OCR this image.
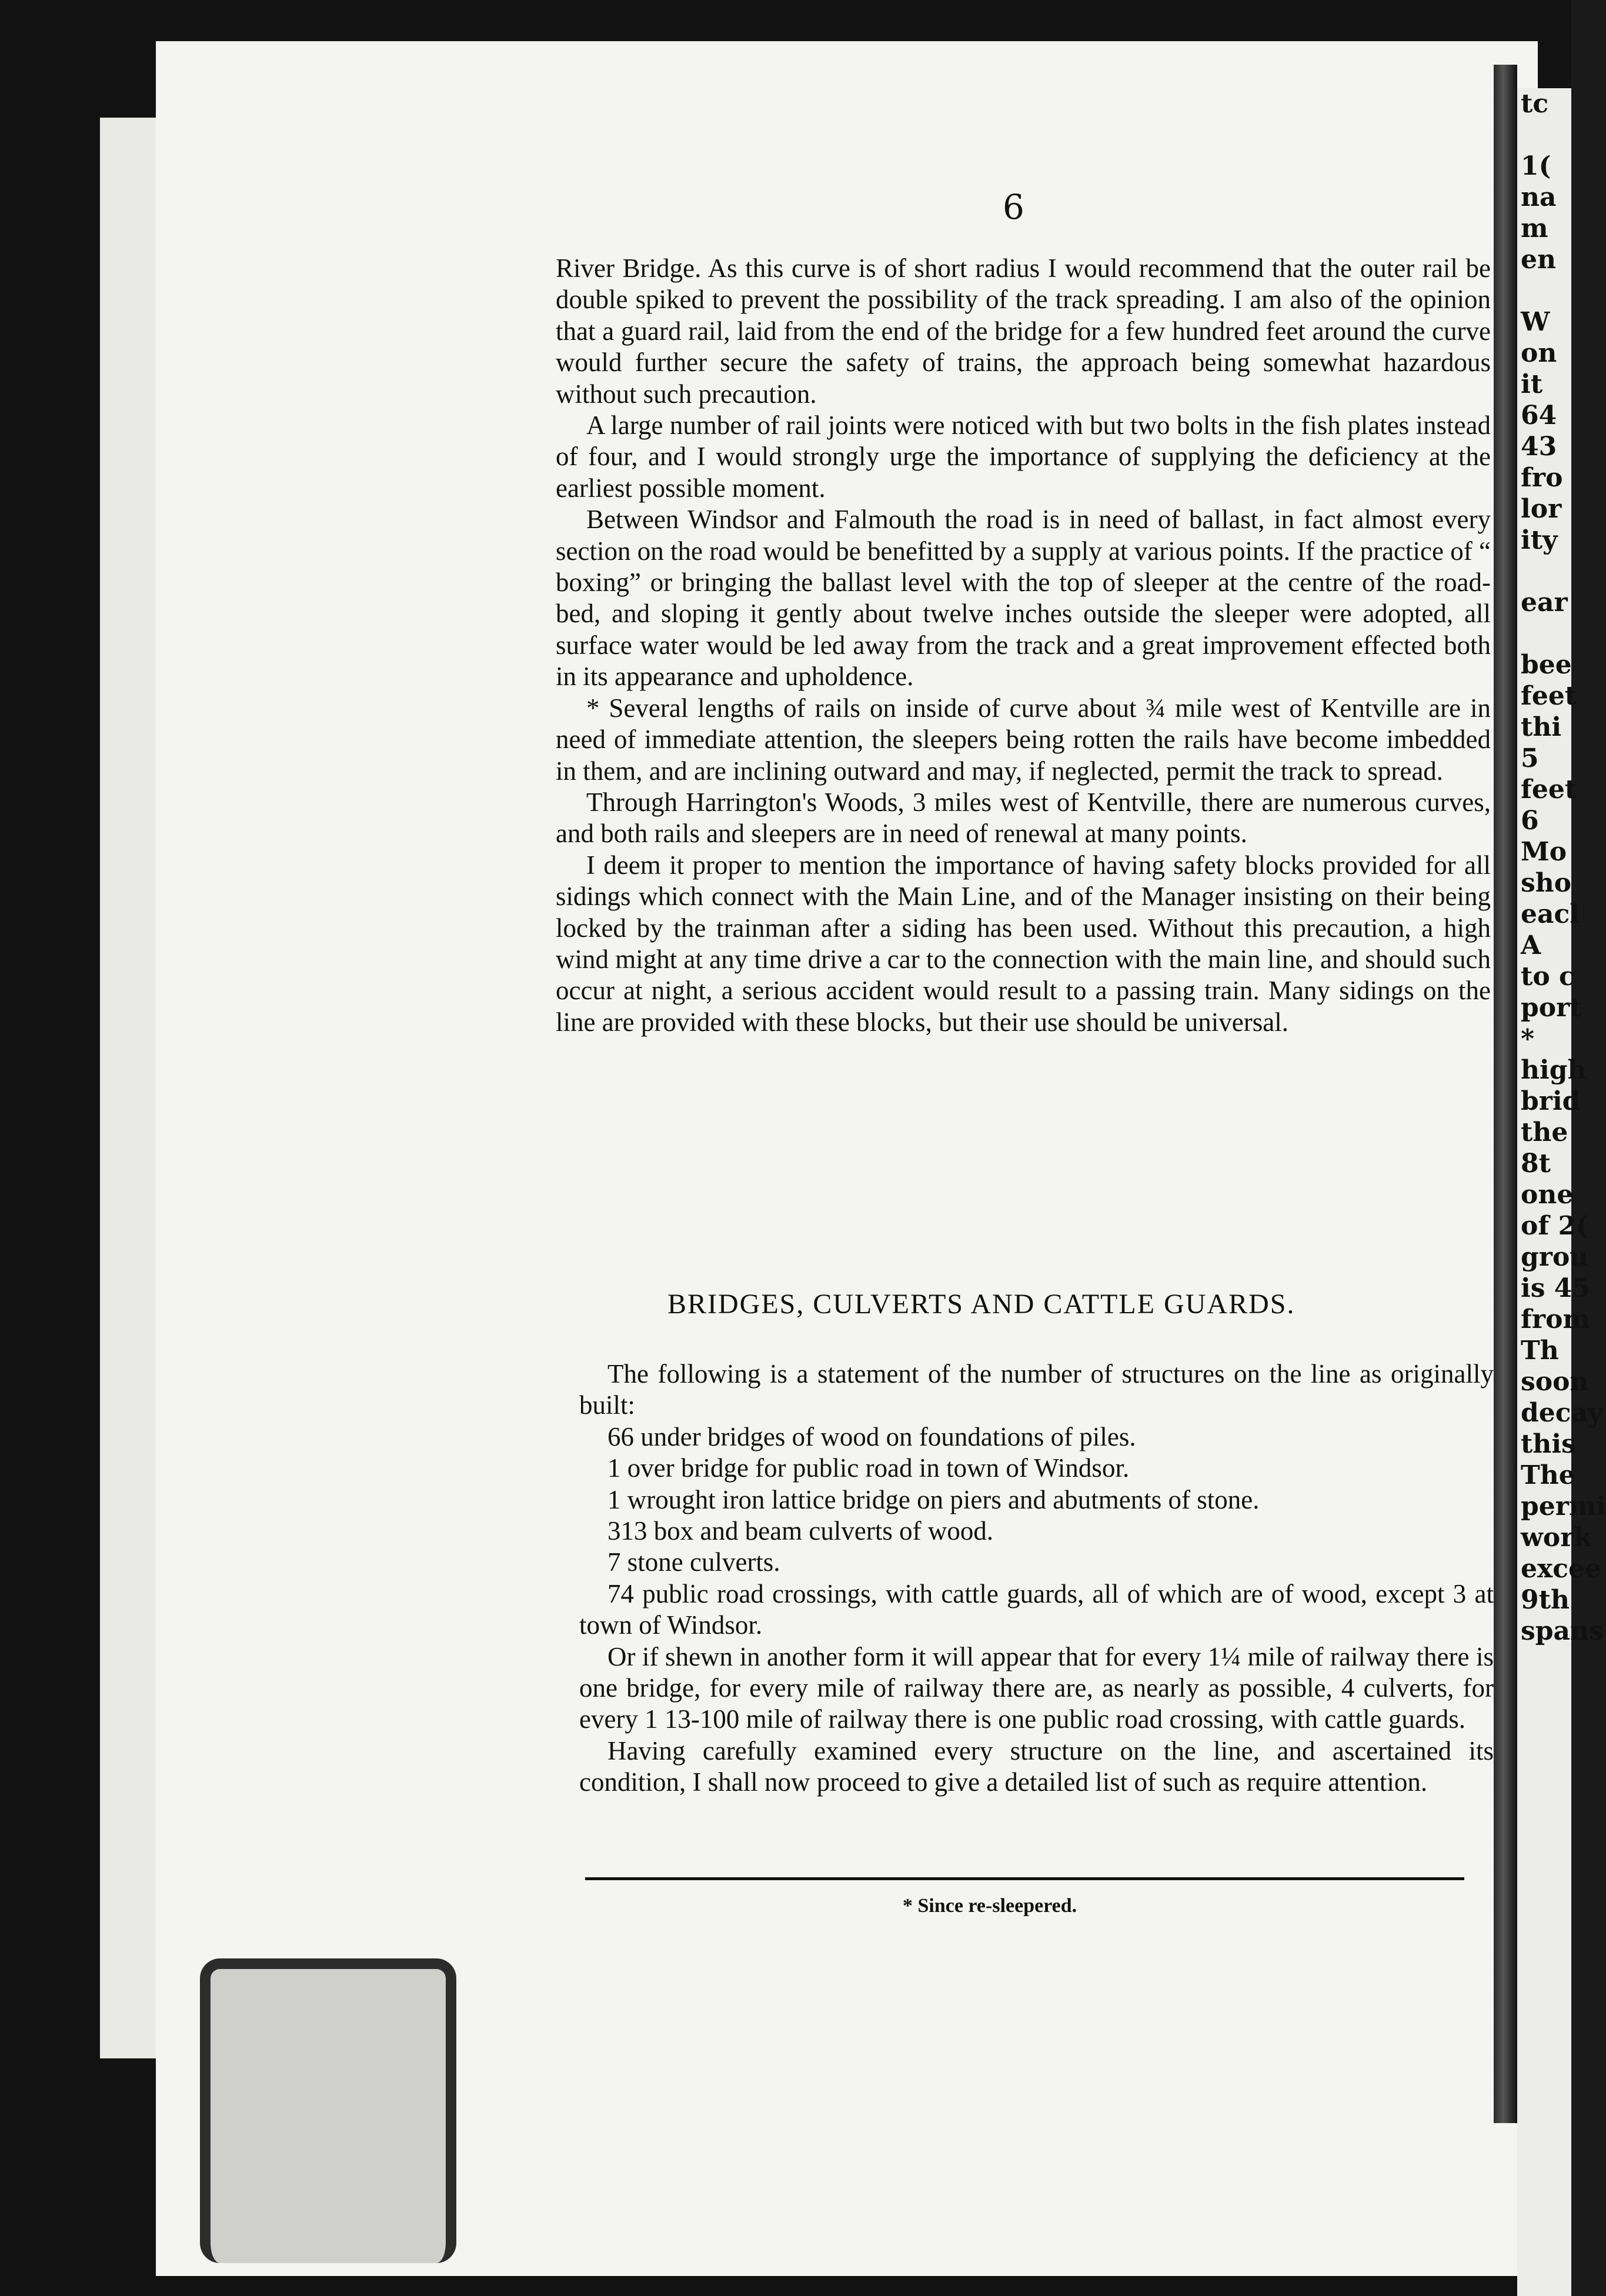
tc

1(
na
m
en

W
on
it
64
43
fro
lor
ity

ear

bee
feet
thi
5
feet
6
Mo
sho
eacl
A
to c
port
*
high
brid
the
8t
one
of 2(
grou
is 45
from
Th
soon
decay
this
The
permi
work
excee
9th
spans
6

River Bridge. As this curve is of short radius I would recommend that the outer rail be double spiked to prevent the possibility of the track spreading. I am also of the opinion that a guard rail, laid from the end of the bridge for a few hundred feet around the curve would further secure the safety of trains, the approach being somewhat hazardous without such precaution.

A large number of rail joints were noticed with but two bolts in the fish plates instead of four, and I would strongly urge the importance of supplying the deficiency at the earliest possible moment.

Between Windsor and Falmouth the road is in need of ballast, in fact almost every section on the road would be benefitted by a supply at various points. If the practice of “ boxing” or bringing the ballast level with the top of sleeper at the centre of the road-bed, and sloping it gently about twelve inches outside the sleeper were adopted, all surface water would be led away from the track and a great improvement effected both in its appearance and upholdence.

* Several lengths of rails on inside of curve about ¾ mile west of Kentville are in need of immediate attention, the sleepers being rotten the rails have become imbedded in them, and are inclining outward and may, if neglected, permit the track to spread.

Through Harrington's Woods, 3 miles west of Kentville, there are numerous curves, and both rails and sleepers are in need of renewal at many points.

I deem it proper to mention the importance of having safety blocks provided for all sidings which connect with the Main Line, and of the Manager insisting on their being locked by the trainman after a siding has been used. Without this precaution, a high wind might at any time drive a car to the connection with the main line, and should such occur at night, a serious accident would result to a passing train. Many sidings on the line are provided with these blocks, but their use should be universal.

BRIDGES, CULVERTS AND CATTLE GUARDS.

The following is a statement of the number of structures on the line as originally built:

66 under bridges of wood on foundations of piles.

1 over bridge for public road in town of Windsor.

1 wrought iron lattice bridge on piers and abutments of stone.

313 box and beam culverts of wood.

7 stone culverts.

74 public road crossings, with cattle guards, all of which are of wood, except 3 at town of Windsor.

Or if shewn in another form it will appear that for every 1¼ mile of railway there is one bridge, for every mile of railway there are, as nearly as possible, 4 culverts, for every 1 13-100 mile of railway there is one public road crossing, with cattle guards.

Having carefully examined every structure on the line, and ascertained its condition, I shall now proceed to give a detailed list of such as require attention.

* Since re-sleepered.
